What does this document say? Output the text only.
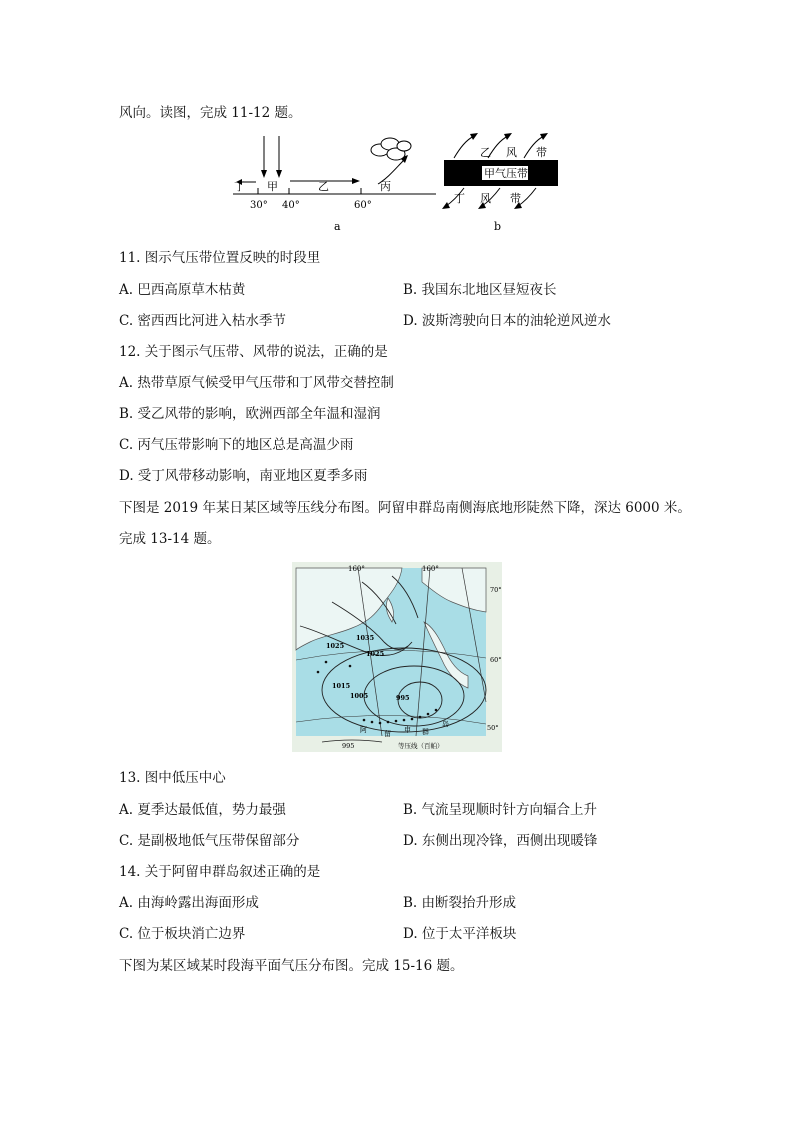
风向。读图，完成 11-12 题。
丁 甲	乙	丙
30° 40°	60°
a
甲气压带
乙 风 带
丁 风 带
b
11. 图示气压带位置反映的时段里
A. 巴西高原草木枯黄	B. 我国东北地区昼短夜长
C. 密西西比河进入枯水季节	D. 波斯湾驶向日本的油轮逆风逆水
12. 关于图示气压带、风带的说法，正确的是
A. 热带草原气候受甲气压带和丁风带交替控制
B. 受乙风带的影响，欧洲西部全年温和湿润
C. 丙气压带影响下的地区总是高温少雨
D. 受丁风带移动影响，南亚地区夏季多雨
下图是 2019 年某日某区域等压线分布图。阿留申群岛南侧海底地形陡然下降，深达 6000 米。
完成 13-14 题。
160°	160°
70°
60°
50°
1035
1025
1015
1005	995
1025
阿 留 申 群
岛
995	等压线（百帕）
13. 图中低压中心
A. 夏季达最低值，势力最强	B. 气流呈现顺时针方向辐合上升
C. 是副极地低气压带保留部分	D. 东侧出现冷锋，西侧出现暖锋
14. 关于阿留申群岛叙述正确的是
A. 由海岭露出海面形成	B. 由断裂抬升形成
C. 位于板块消亡边界	D. 位于太平洋板块
下图为某区域某时段海平面气压分布图。完成 15-16 题。
